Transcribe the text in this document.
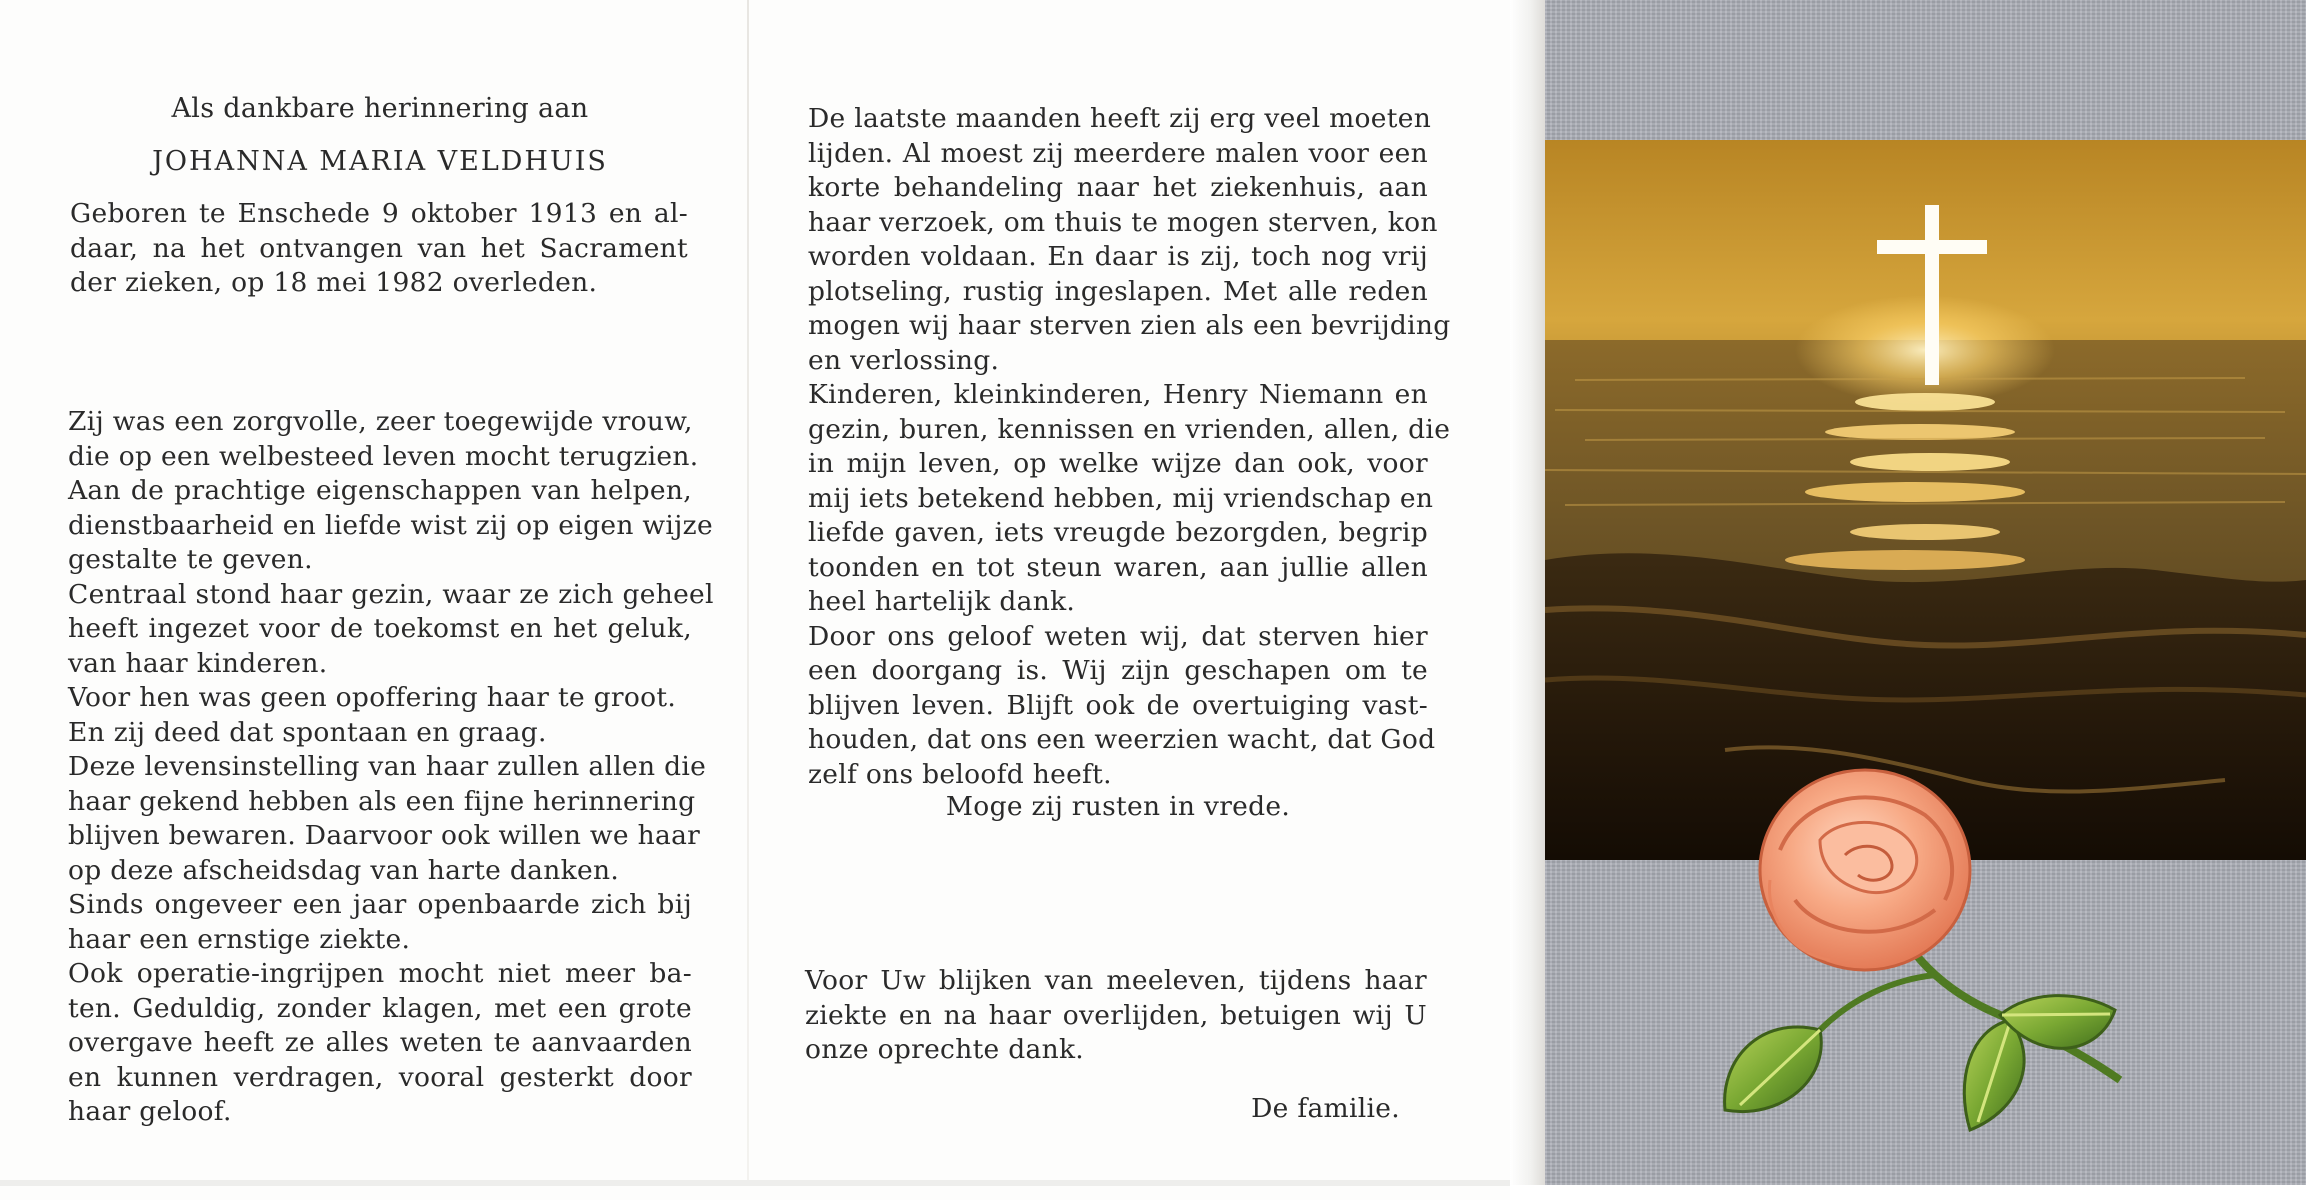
Als dankbare herinnering aan
JOHANNA MARIA VELDHUIS
Geboren te Enschede 9 oktober 1913 en al-
daar, na het ontvangen van het Sacrament
der zieken, op 18 mei 1982 overleden.
Zij was een zorgvolle, zeer toegewijde vrouw,
die op een welbesteed leven mocht terugzien.
Aan de prachtige eigenschappen van helpen,
dienstbaarheid en liefde wist zij op eigen wijze
gestalte te geven.
Centraal stond haar gezin, waar ze zich geheel
heeft ingezet voor de toekomst en het geluk,
van haar kinderen.
Voor hen was geen opoffering haar te groot.
En zij deed dat spontaan en graag.
Deze levensinstelling van haar zullen allen die
haar gekend hebben als een fijne herinnering
blijven bewaren. Daarvoor ook willen we haar
op deze afscheidsdag van harte danken.
Sinds ongeveer een jaar openbaarde zich bij
haar een ernstige ziekte.
Ook operatie-ingrijpen mocht niet meer ba-
ten. Geduldig, zonder klagen, met een grote
overgave heeft ze alles weten te aanvaarden
en kunnen verdragen, vooral gesterkt door
haar geloof.
De laatste maanden heeft zij erg veel moeten
lijden. Al moest zij meerdere malen voor een
korte behandeling naar het ziekenhuis, aan
haar verzoek, om thuis te mogen sterven, kon
worden voldaan. En daar is zij, toch nog vrij
plotseling, rustig ingeslapen. Met alle reden
mogen wij haar sterven zien als een bevrijding
en verlossing.
Kinderen, kleinkinderen, Henry Niemann en
gezin, buren, kennissen en vrienden, allen, die
in mijn leven, op welke wijze dan ook, voor
mij iets betekend hebben, mij vriendschap en
liefde gaven, iets vreugde bezorgden, begrip
toonden en tot steun waren, aan jullie allen
heel hartelijk dank.
Door ons geloof weten wij, dat sterven hier
een doorgang is. Wij zijn geschapen om te
blijven leven. Blijft ook de overtuiging vast-
houden, dat ons een weerzien wacht, dat God
zelf ons beloofd heeft.
Moge zij rusten in vrede.
Voor Uw blijken van meeleven, tijdens haar
ziekte en na haar overlijden, betuigen wij U
onze oprechte dank.
De familie.
